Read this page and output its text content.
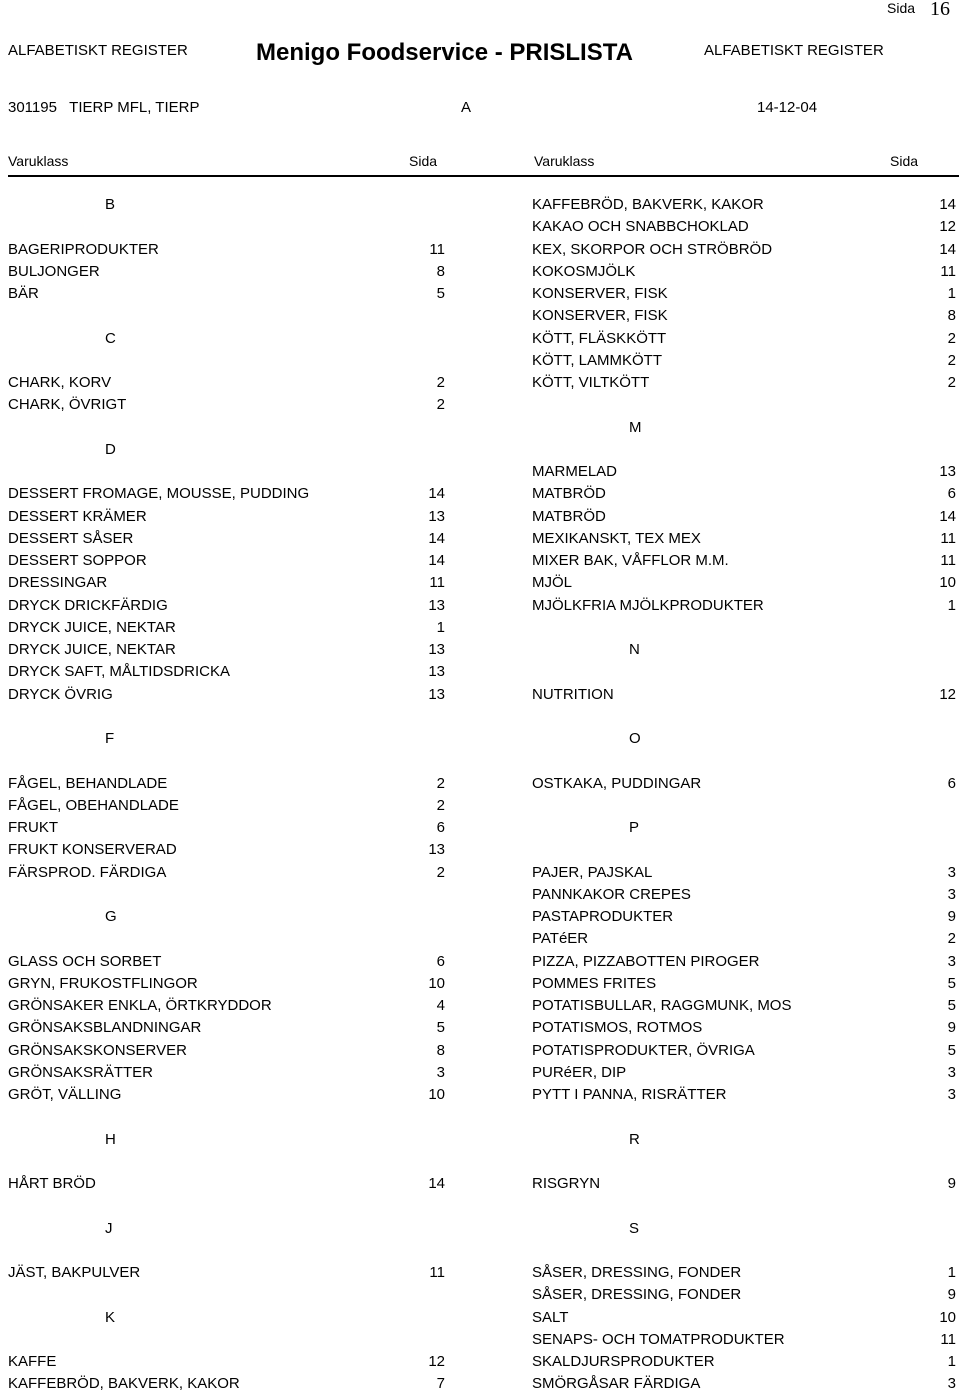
Sida 16
ALFABETISKT REGISTER	Menigo Foodservice - PRISLISTA	ALFABETISKT REGISTER
301195   TIERP MFL, TIERP	A	14-12-04
Varuklass	Sida	Varuklass	Sida
B
BAGERIPRODUKTER	11
BULJONGER	8
BÄR	5
C
CHARK, KORV	2
CHARK, ÖVRIGT	2
D
DESSERT FROMAGE, MOUSSE, PUDDING	14
DESSERT KRÄMER	13
DESSERT SÅSER	14
DESSERT SOPPOR	14
DRESSINGAR	11
DRYCK DRICKFÄRDIG	13
DRYCK JUICE, NEKTAR	1
DRYCK JUICE, NEKTAR	13
DRYCK SAFT, MÅLTIDSDRICKA	13
DRYCK ÖVRIG	13
F
FÅGEL, BEHANDLADE	2
FÅGEL, OBEHANDLADE	2
FRUKT	6
FRUKT KONSERVERAD	13
FÄRSPROD. FÄRDIGA	2
G
GLASS OCH SORBET	6
GRYN, FRUKOSTFLINGOR	10
GRÖNSAKER ENKLA, ÖRTKRYDDOR	4
GRÖNSAKSBLANDNINGAR	5
GRÖNSAKSKONSERVER	8
GRÖNSAKSRÄTTER	3
GRÖT, VÄLLING	10
H
HÅRT BRÖD	14
J
JÄST, BAKPULVER	11
K
KAFFE	12
KAFFEBRÖD, BAKVERK, KAKOR	7
KAFFEBRÖD, BAKVERK, KAKOR	14
KAKAO OCH SNABBCHOKLAD	12
KEX, SKORPOR OCH STRÖBRÖD	14
KOKOSMJÖLK	11
KONSERVER, FISK	1
KONSERVER, FISK	8
KÖTT, FLÄSKKÖTT	2
KÖTT, LAMMKÖTT	2
KÖTT, VILTKÖTT	2
M
MARMELAD	13
MATBRÖD	6
MATBRÖD	14
MEXIKANSKT, TEX MEX	11
MIXER BAK, VÅFFLOR M.M.	11
MJÖL	10
MJÖLKFRIA MJÖLKPRODUKTER	1
N
NUTRITION	12
O
OSTKAKA, PUDDINGAR	6
P
PAJER, PAJSKAL	3
PANNKAKOR CREPES	3
PASTAPRODUKTER	9
PATéER	2
PIZZA, PIZZABOTTEN PIROGER	3
POMMES FRITES	5
POTATISBULLAR, RAGGMUNK, MOS	5
POTATISMOS, ROTMOS	9
POTATISPRODUKTER, ÖVRIGA	5
PURéER, DIP	3
PYTT I PANNA, RISRÄTTER	3
R
RISGRYN	9
S
SÅSER, DRESSING, FONDER	1
SÅSER, DRESSING, FONDER	9
SALT	10
SENAPS- OCH TOMATPRODUKTER	11
SKALDJURSPRODUKTER	1
SMÖRGÅSAR FÄRDIGA	3
